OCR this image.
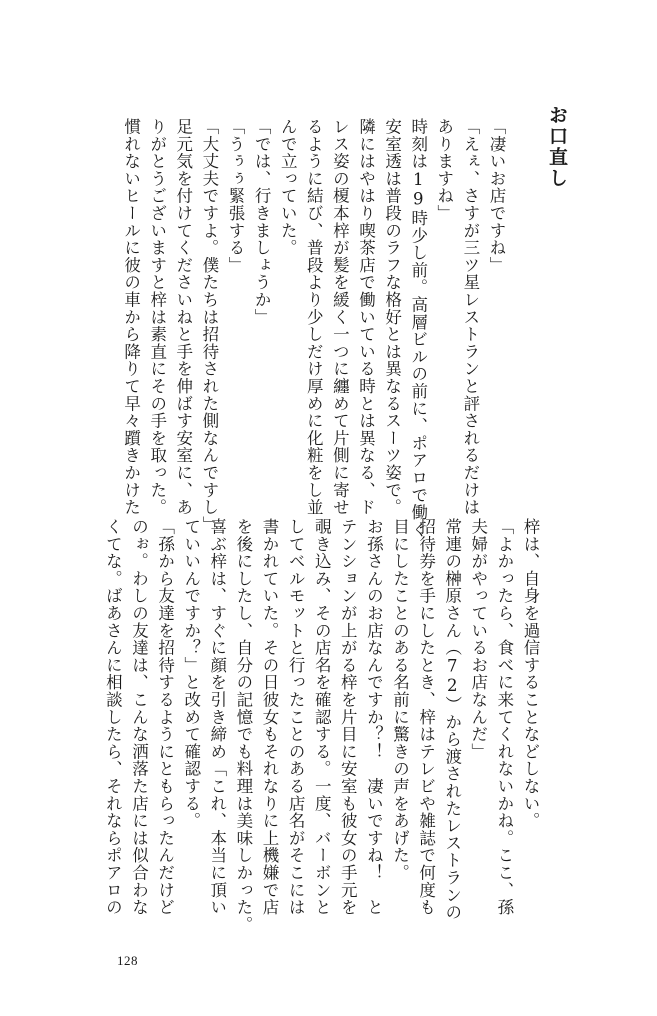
お口直し
「凄いお店ですね」
「えぇ、さすが三ツ星レストランと評されるだけは
ありますね」
時刻は19時少し前。高層ビルの前に、ポアロで働く
安室透は普段のラフな格好とは異なるスーツ姿で。
隣にはやはり喫茶店で働いている時とは異なる、ド
レス姿の榎本梓が髪を緩く一つに纏めて片側に寄せ
るように結び、普段より少しだけ厚めに化粧をし並
んで立っていた。
「では、行きましょうか」
「うぅぅ緊張する」
「大丈夫ですよ。僕たちは招待された側なんですし」
足元気を付けてくださいねと手を伸ばす安室に、あ
りがとうございますと梓は素直にその手を取った。
慣れないヒールに彼の車から降りて早々躓きかけた
梓は、自身を過信することなどしない。
「よかったら、食べに来てくれないかね。ここ、孫
夫婦がやっているお店なんだ」
常連の榊原さん（72）から渡されたレストランの
招待券を手にしたとき、梓はテレビや雑誌で何度も
目にしたことのある名前に驚きの声をあげた。
お孫さんのお店なんですか？！　凄いですね！　と
テンションが上がる梓を片目に安室も彼女の手元を
覗き込み、その店名を確認する。一度、バーボンと
してベルモットと行ったことのある店名がそこには
書かれていた。その日彼女もそれなりに上機嫌で店
を後にしたし、自分の記憶でも料理は美味しかった。
喜ぶ梓は、すぐに顔を引き締め「これ、本当に頂い
ていいんですか？」と改めて確認する。
「孫から友達を招待するようにともらったんだけど
のぉ。わしの友達は、こんな洒落た店には似合わな
くてな。ばあさんに相談したら、それならポアロの
128
